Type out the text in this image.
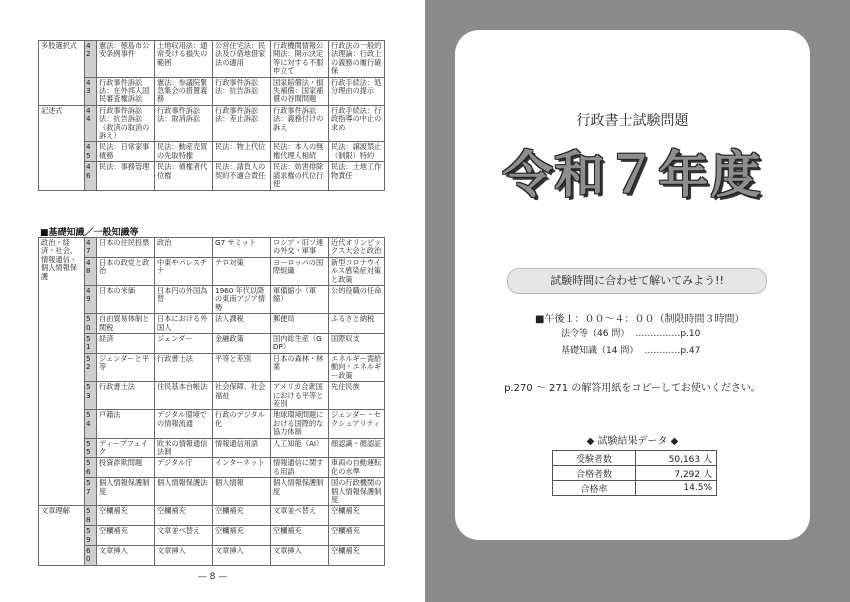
多肢選択式	42	憲法：徳島市公安条例事件	土地収用法：通常受ける損失の範囲	公営住宅法：民法及び借地借家法の適用	行政機関情報公開法：開示決定等に対する不服申立て	行政法の一般的法理論：行政上の義務の履行確保
	43	行政事件訴訟法：在外邦人国民審査権訴訟	憲法：参議院緊急集会の措置義務	行政事件訴訟法：抗告訴訟	国家賠償法・損失補償：国家補償の谷間問題	行政手続法：処分理由の提示
記述式	44	行政事件訴訟法：抗告訴訟（救済の取消の訴え）	行政事件訴訟法：取消訴訟	行政事件訴訟法：差止訴訟	行政事件訴訟法：義務付けの訴え	行政手続法：行政指導の中止の求め
	45	民法：日常家事債務	民法：動産売買の先取特権	民法：物上代位	民法：本人の無権代理人相続	民法：譲渡禁止（制限）特約
	46	民法：事務管理	民法：債権者代位権	民法：請負人の契約不適合責任	民法：妨害排除請求権の代位行使	民法：土地工作物責任
■基礎知識／一般知識等
政治・経済・社会、情報通信・個人情報保護	47	日本の住民投票	政治	G7 サミット	ロシア・旧ソ連の外交・軍事	近代オリンピックス大会と政治
	48	日本の政党と政治	中東やパレスチナ	テロ対策	ヨーロッパの国際組織	新型コロナウイルス感染症対策と政策
	49	日本の米価	日本円の外国為替	1960 年代以降の東南アジア情勢	軍備縮小（軍縮）	公的役職の任命
	50	自由貿易体制と関税	日本における外国人	法人課税	郵便局	ふるさと納税
	51	経済	ジェンダー	金融政策	国内総生産（GDP）	国際収支
	52	ジェンダーと平等	行政書士法	平等と差別	日本の森林・林業	エネルギー需給動向・エネルギー政策
	53	行政書士法	住民基本台帳法	社会保障、社会福祉	アメリカ合衆国における平等と差別	先住民族
	54	戸籍法	デジタル環境での情報流通	行政のデジタル化	地球環境問題における国際的な協力体制	ジェンダー・セクシュアリティ
	55	ディープフェイク	欧米の情報通信法制	情報通信用語	人工知能（AI）	顔認識・顔認証
	56	投資詐欺問題	デジタル庁	インターネット	情報通信に関する用語	車両の自動運転化の水準
	57	個人情報保護制度	個人情報保護法	個人情報	個人情報保護制度	国の行政機関の個人情報保護制度
文章理解	58	空欄補充	空欄補充	空欄補充	文章並べ替え	空欄補充
	59	空欄補充	文章並べ替え	空欄補充	空欄補充	空欄補充
	60	文章挿入	文章挿入	文章挿入	文章挿入	空欄補充
— 8 —
行政書士試験問題
令和７年度
試験時間に合わせて解いてみよう!!
■午後１：００～４：００（制限時間３時間）
法令等（46 問） ……………p.10
基礎知識（14 問） …………p.47
p.270 ～ 271 の解答用紙をコピーしてお使いください。
◆ 試験結果データ ◆
受験者数	50,163 人
合格者数	7,292 人
合格率	14.5%
